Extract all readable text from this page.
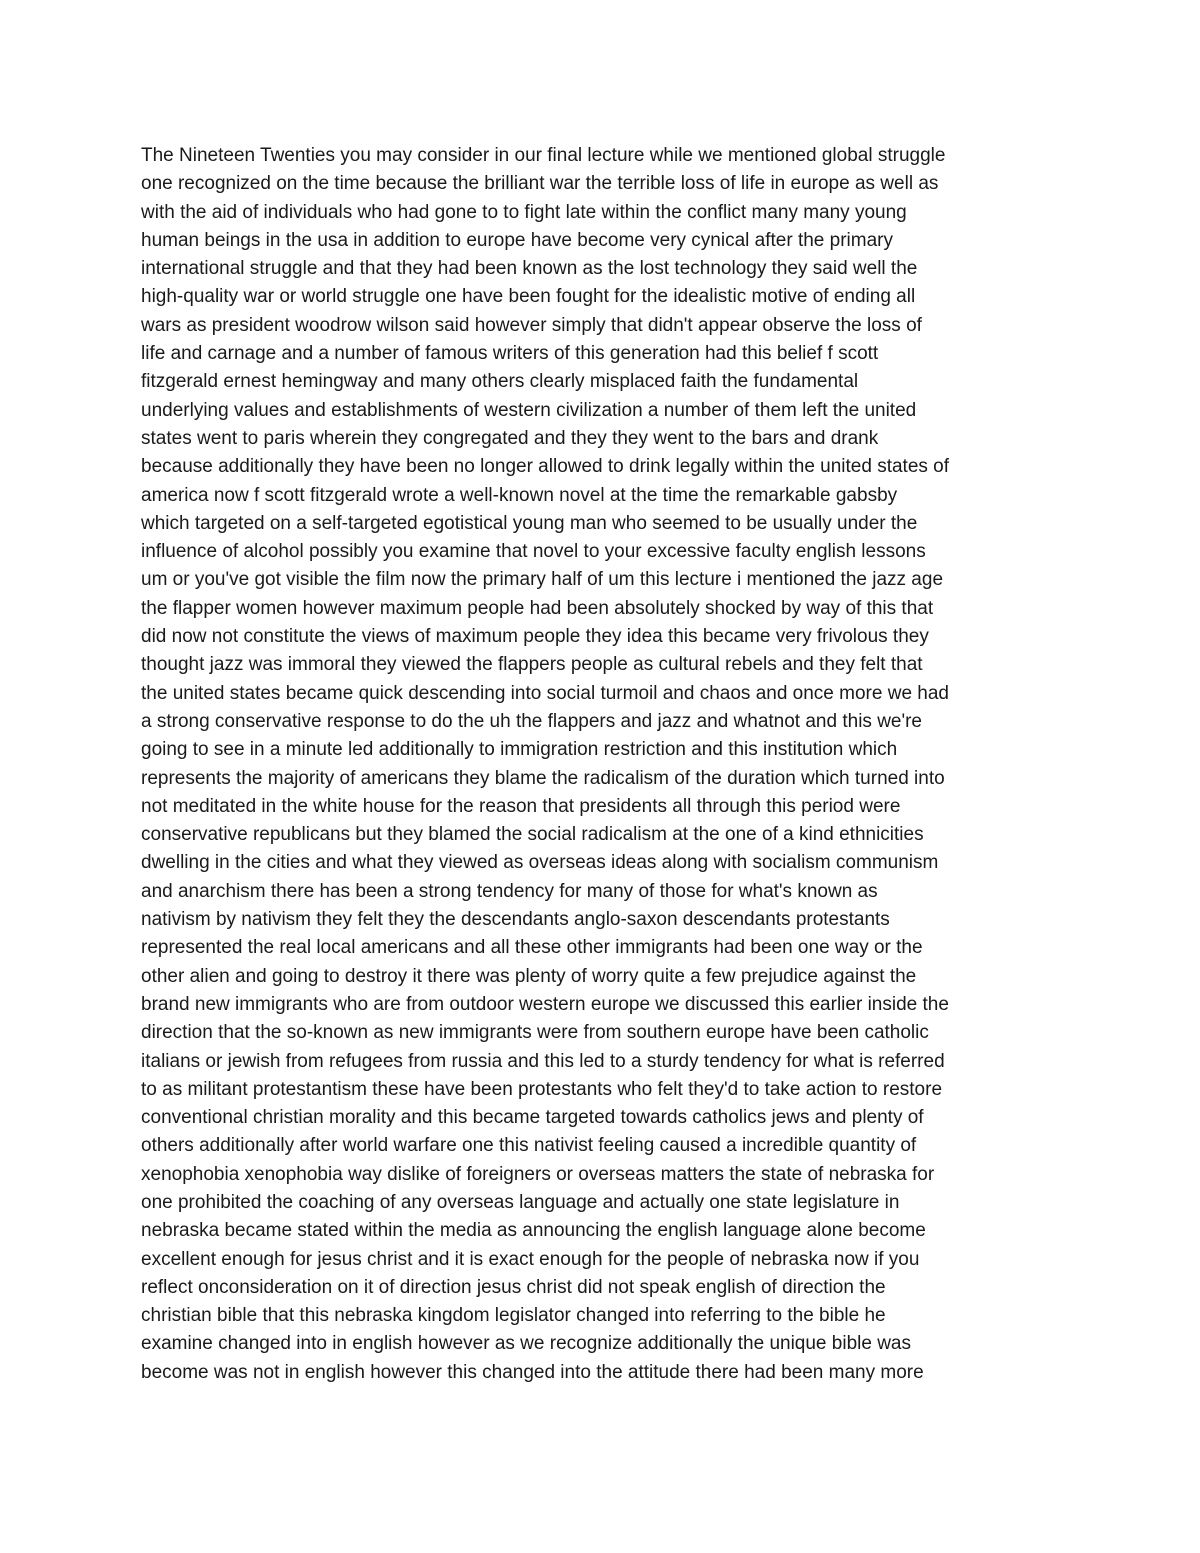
The Nineteen Twenties you may consider in our final lecture while we mentioned global struggle
one recognized on the time because the brilliant war the terrible loss of life in europe as well as
with the aid of individuals who had gone to to fight late within the conflict many many young
human beings in the usa in addition to europe have become very cynical after the primary
international struggle and that they had been known as the lost technology they said well the
high-quality war or world struggle one have been fought for the idealistic motive of ending all
wars as president woodrow wilson said however simply that didn't appear observe the loss of
life and carnage and a number of famous writers of this generation had this belief f scott
fitzgerald ernest hemingway and many others clearly misplaced faith the fundamental
underlying values and establishments of western civilization a number of them left the united
states went to paris wherein they congregated and they they went to the bars and drank
because additionally they have been no longer allowed to drink legally within the united states of
america now f scott fitzgerald wrote a well-known novel at the time the remarkable gabsby
which targeted on a self-targeted egotistical young man who seemed to be usually under the
influence of alcohol possibly you examine that novel to your excessive faculty english lessons
um or you've got visible the film now the primary half of um this lecture i mentioned the jazz age
the flapper women however maximum people had been absolutely shocked by way of this that
did now not constitute the views of maximum people they idea this became very frivolous they
thought jazz was immoral they viewed the flappers people as cultural rebels and they felt that
the united states became quick descending into social turmoil and chaos and once more we had
a strong conservative response to do the uh the flappers and jazz and whatnot and this we're
going to see in a minute led additionally to immigration restriction and this institution which
represents the majority of americans they blame the radicalism of the duration which turned into
not meditated in the white house for the reason that presidents all through this period were
conservative republicans but they blamed the social radicalism at the one of a kind ethnicities
dwelling in the cities and what they viewed as overseas ideas along with socialism communism
and anarchism there has been a strong tendency for many of those for what's known as
nativism by nativism they felt they the descendants anglo-saxon descendants protestants
represented the real local americans and all these other immigrants had been one way or the
other alien and going to destroy it there was plenty of worry quite a few prejudice against the
brand new immigrants who are from outdoor western europe we discussed this earlier inside the
direction that the so-known as new immigrants were from southern europe have been catholic
italians or jewish from refugees from russia and this led to a sturdy tendency for what is referred
to as militant protestantism these have been protestants who felt they'd to take action to restore
conventional christian morality and this became targeted towards catholics jews and plenty of
others additionally after world warfare one this nativist feeling caused a incredible quantity of
xenophobia xenophobia way dislike of foreigners or overseas matters the state of nebraska for
one prohibited the coaching of any overseas language and actually one state legislature in
nebraska became stated within the media as announcing the english language alone become
excellent enough for jesus christ and it is exact enough for the people of nebraska now if you
reflect onconsideration on it of direction jesus christ did not speak english of direction the
christian bible that this nebraska kingdom legislator changed into referring to the bible he
examine changed into in english however as we recognize additionally the unique bible was
become was not in english however this changed into the attitude there had been many more
